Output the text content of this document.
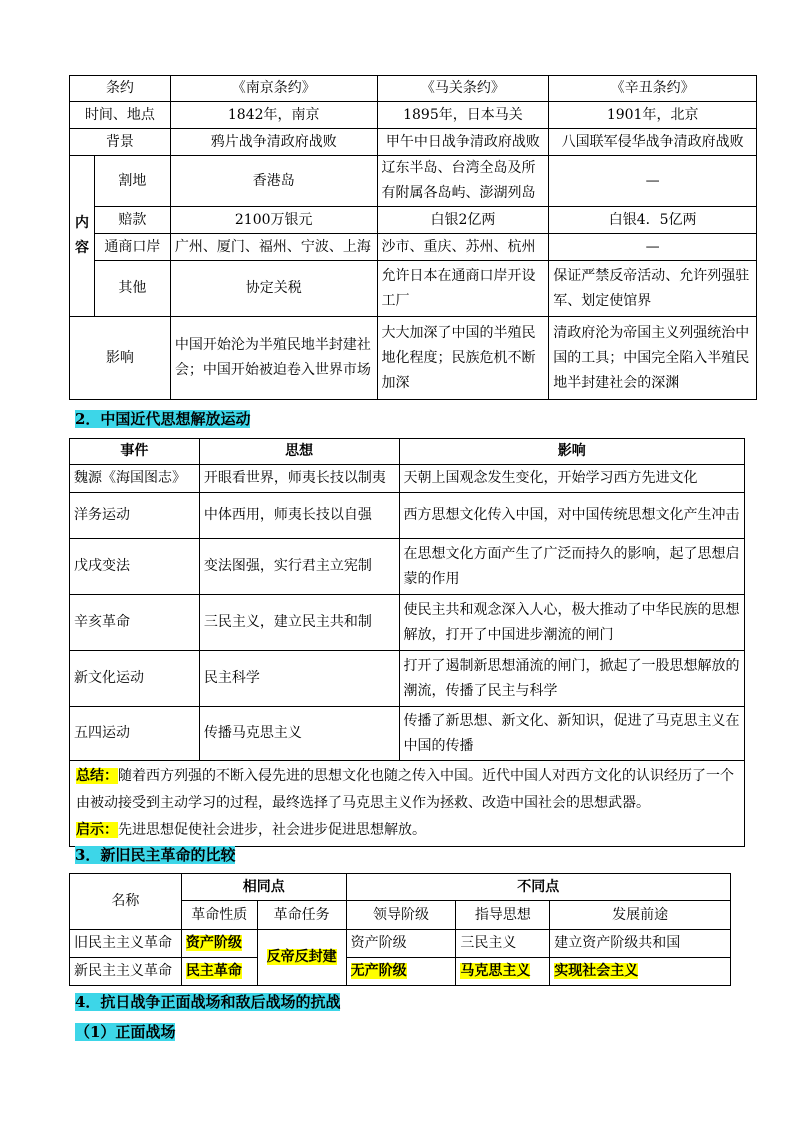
条约		《南京条约》	《马关条约》	《辛丑条约》
时间、地点		1842年，南京	1895年，日本马关	1901年，北京
背景		鸦片战争清政府战败	甲午中日战争清政府战败	八国联军侵华战争清政府战败

内
容	割地	香港岛	辽东半岛、台湾全岛及所有附属各岛屿、澎湖列岛	—
	赔款	2100万银元	白银2亿两	白银4．5亿两
	通商口岸	广州、厦门、福州、宁波、上海	沙市、重庆、苏州、杭州	—
	其他	协定关税	允许日本在通商口岸开设工厂	保证严禁反帝活动、允许列强驻军、划定使馆界
影响		中国开始沦为半殖民地半封建社会；中国开始被迫卷入世界市场	大大加深了中国的半殖民地化程度；民族危机不断加深	清政府沦为帝国主义列强统治中国的工具；中国完全陷入半殖民地半封建社会的深渊
2．中国近代思想解放运动
事件	思想	影响
魏源《海国图志》	开眼看世界，师夷长技以制夷	天朝上国观念发生变化，开始学习西方先进文化
洋务运动	中体西用，师夷长技以自强	西方思想文化传入中国，对中国传统思想文化产生冲击
戊戌变法	变法图强，实行君主立宪制	在思想文化方面产生了广泛而持久的影响，起了思想启蒙的作用
辛亥革命	三民主义，建立民主共和制	使民主共和观念深入人心，极大推动了中华民族的思想解放，打开了中国进步潮流的闸门
新文化运动	民主科学	打开了遏制新思想涌流的闸门，掀起了一股思想解放的潮流，传播了民主与科学
五四运动	传播马克思主义	传播了新思想、新文化、新知识，促进了马克思主义在中国的传播

总结：随着西方列强的不断入侵先进的思想文化也随之传入中国。近代中国人对西方文化的认识经历了一个由被动接受到主动学习的过程，最终选择了马克思主义作为拯救、改造中国社会的思想武器。
启示：先进思想促使社会进步，社会进步促进思想解放。		
3．新旧民主革命的比较
名称	相同点		不同点		
	革命性质	革命任务	领导阶级	指导思想	发展前途
旧民主主义革命	资产阶级	反帝反封建	资产阶级	三民主义	建立资产阶级共和国
新民主主义革命	民主革命		无产阶级	马克思主义	实现社会主义
4．抗日战争正面战场和敌后战场的抗战
（1）正面战场
